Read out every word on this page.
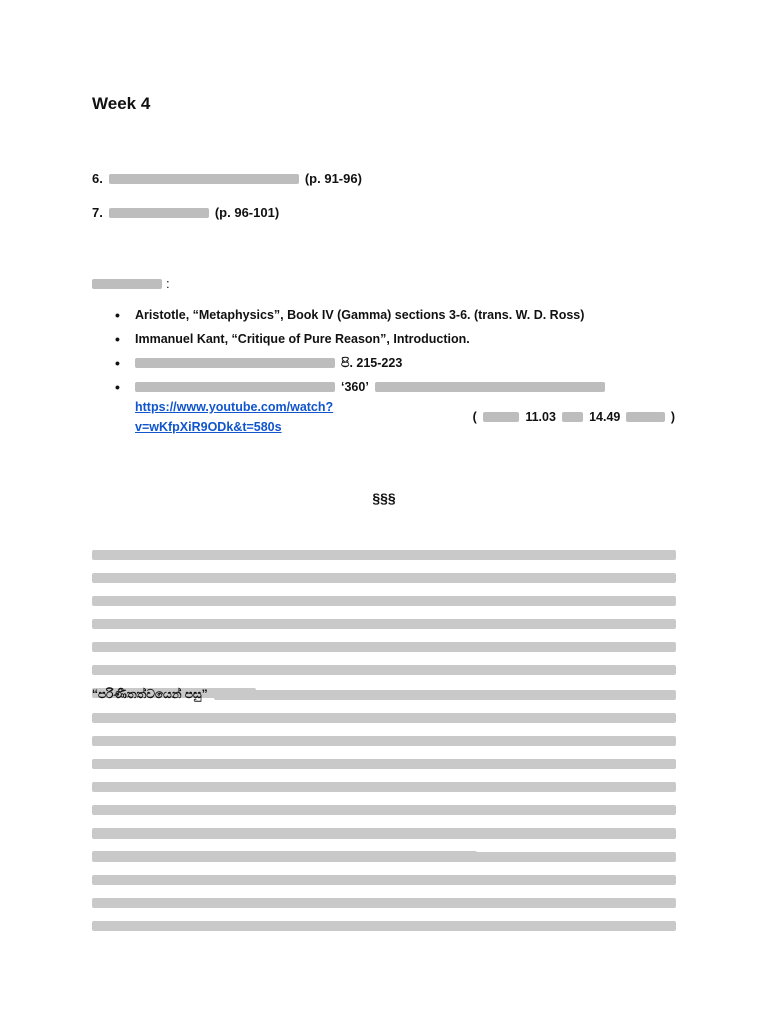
Week 4
6.	(p. 91-96)
7.	(p. 96-101)
:
• Aristotle, “Metaphysics”, Book IV (Gamma) sections 3-6. (trans. W. D. Ross)
• Immanuel Kant, “Critique of Pure Reason”, Introduction.
• පි. 215-223
• ‘360’
https://www.youtube.com/watch?v=wKfpXiR9ODk&t=580s
(	11.03	14.49	)
§§§
“පරිණීතත්වයෙන් පසු”
